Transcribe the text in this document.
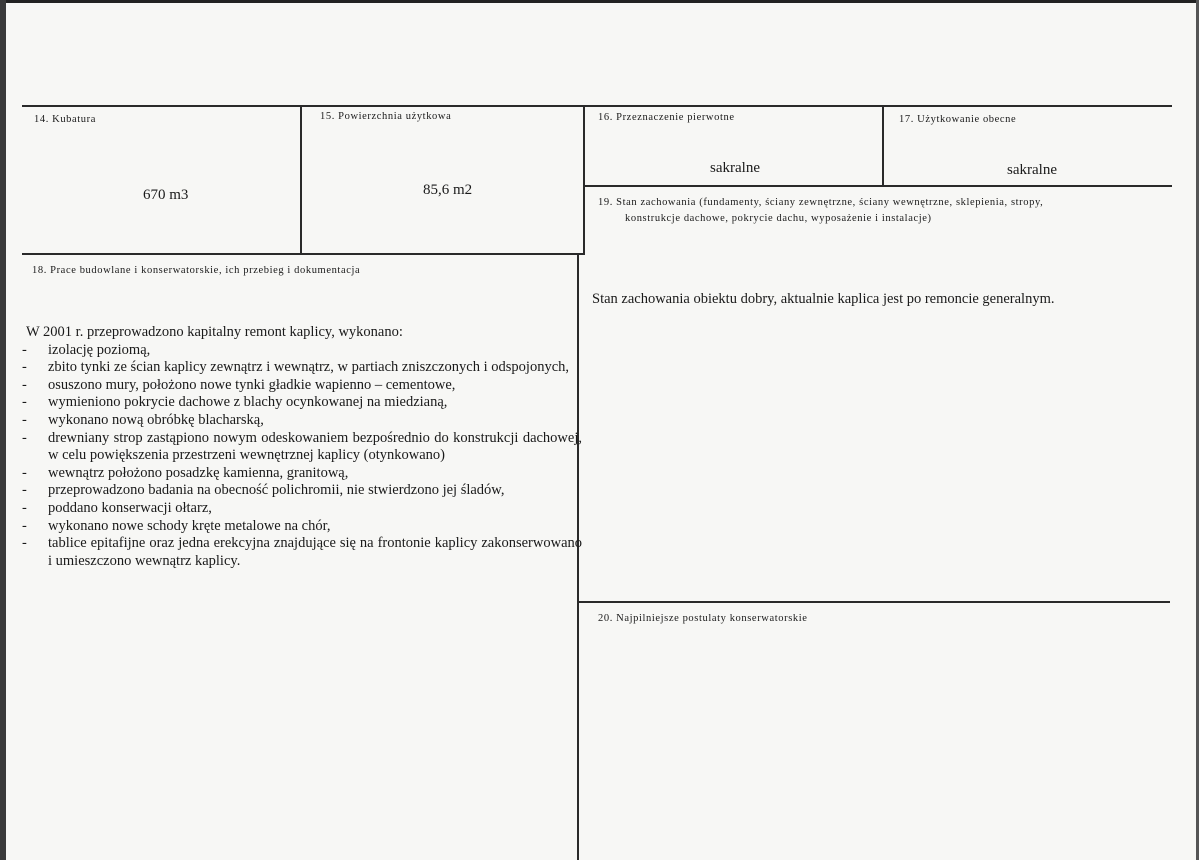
14. Kubatura
670 m3
15. Powierzchnia użytkowa
85,6 m2
16. Przeznaczenie pierwotne
sakralne
17. Użytkowanie obecne
sakralne
19. Stan zachowania (fundamenty, ściany zewnętrzne, ściany wewnętrzne, sklepienia, stropy,
konstrukcje dachowe, pokrycie dachu, wyposażenie i instalacje)
Stan zachowania obiektu dobry, aktualnie kaplica jest po remoncie generalnym.
18. Prace budowlane i konserwatorskie, ich przebieg i dokumentacja
W 2001 r. przeprowadzono kapitalny remont kaplicy, wykonano:
-	izolację poziomą,
-	zbito tynki ze ścian kaplicy zewnątrz i wewnątrz, w partiach zniszczonych i odspojonych,
-	osuszono mury, położono nowe tynki gładkie wapienno – cementowe,
-	wymieniono pokrycie dachowe z blachy ocynkowanej na miedzianą,
-	wykonano nową obróbkę blacharską,
-	drewniany strop zastąpiono nowym odeskowaniem bezpośrednio do konstrukcji dachowej, w celu powiększenia przestrzeni wewnętrznej kaplicy (otynkowano)
-	wewnątrz położono posadzkę kamienna, granitową,
-	przeprowadzono badania na obecność polichromii, nie stwierdzono jej śladów,
-	poddano konserwacji ołtarz,
-	wykonano nowe schody kręte metalowe na chór,
-	tablice epitafijne oraz jedna erekcyjna znajdujące się na frontonie kaplicy zakonserwowano i umieszczono wewnątrz kaplicy.
20. Najpilniejsze postulaty konserwatorskie
